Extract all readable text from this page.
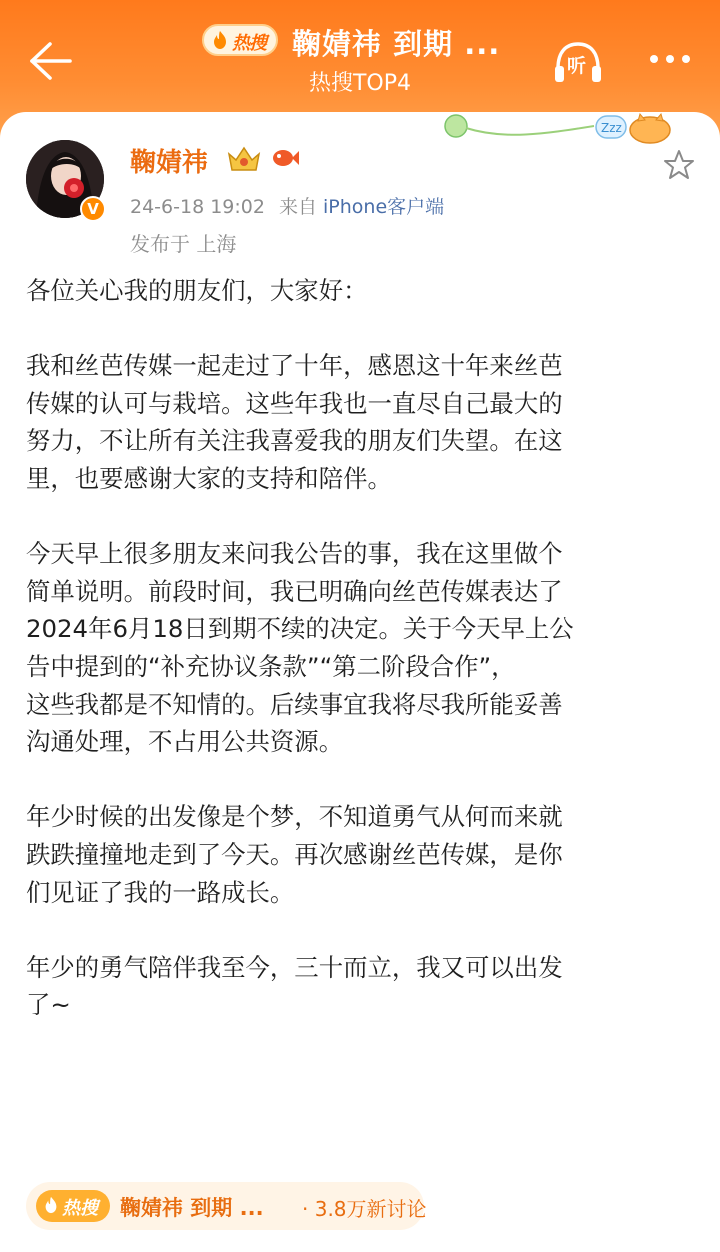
热搜 鞠婧祎 到期 ...
热搜TOP4
听
Zzz
V
鞠婧祎
24-6-18 19:02 来自 iPhone客户端
发布于 上海

各位关心我的朋友们，大家好：

我和丝芭传媒一起走过了十年，感恩这十年来丝芭
传媒的认可与栽培。这些年我也一直尽自己最大的
努力，不让所有关注我喜爱我的朋友们失望。在这
里，也要感谢大家的支持和陪伴。

今天早上很多朋友来问我公告的事，我在这里做个
简单说明。前段时间，我已明确向丝芭传媒表达了
2024年6月18日到期不续的决定。关于今天早上公
告中提到的“补充协议条款”“第二阶段合作”，
这些我都是不知情的。后续事宜我将尽我所能妥善
沟通处理，不占用公共资源。

年少时候的出发像是个梦，不知道勇气从何而来就
跌跌撞撞地走到了今天。再次感谢丝芭传媒，是你
们见证了我的一路成长。

年少的勇气陪伴我至今，三十而立，我又可以出发
了~

热搜 鞠婧祎 到期 ... · 3.8万新讨论
